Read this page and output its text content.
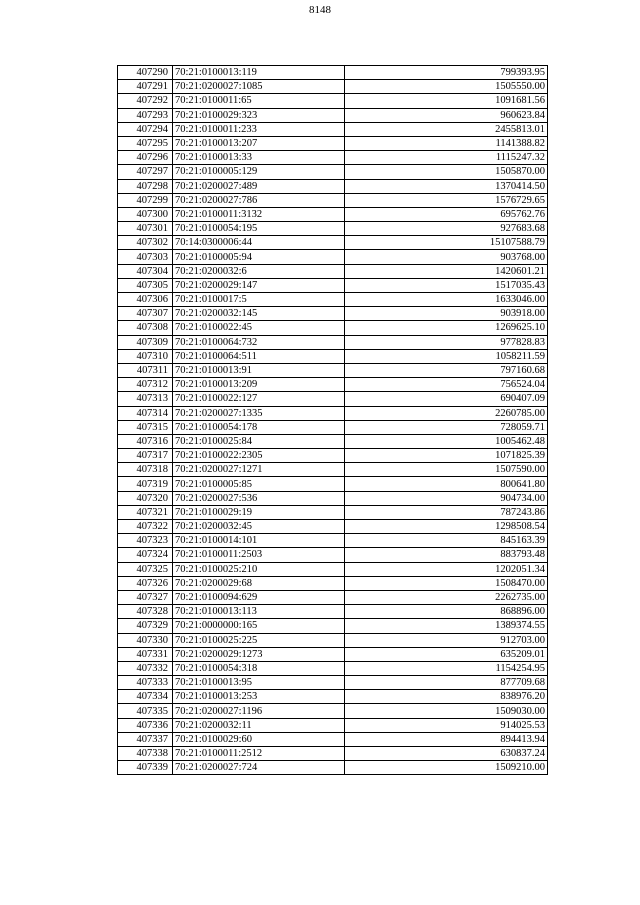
8148
407290	70:21:0100013:119	799393.95
407291	70:21:0200027:1085	1505550.00
407292	70:21:0100011:65	1091681.56
407293	70:21:0100029:323	960623.84
407294	70:21:0100011:233	2455813.01
407295	70:21:0100013:207	1141388.82
407296	70:21:0100013:33	1115247.32
407297	70:21:0100005:129	1505870.00
407298	70:21:0200027:489	1370414.50
407299	70:21:0200027:786	1576729.65
407300	70:21:0100011:3132	695762.76
407301	70:21:0100054:195	927683.68
407302	70:14:0300006:44	15107588.79
407303	70:21:0100005:94	903768.00
407304	70:21:0200032:6	1420601.21
407305	70:21:0200029:147	1517035.43
407306	70:21:0100017:5	1633046.00
407307	70:21:0200032:145	903918.00
407308	70:21:0100022:45	1269625.10
407309	70:21:0100064:732	977828.83
407310	70:21:0100064:511	1058211.59
407311	70:21:0100013:91	797160.68
407312	70:21:0100013:209	756524.04
407313	70:21:0100022:127	690407.09
407314	70:21:0200027:1335	2260785.00
407315	70:21:0100054:178	728059.71
407316	70:21:0100025:84	1005462.48
407317	70:21:0100022:2305	1071825.39
407318	70:21:0200027:1271	1507590.00
407319	70:21:0100005:85	800641.80
407320	70:21:0200027:536	904734.00
407321	70:21:0100029:19	787243.86
407322	70:21:0200032:45	1298508.54
407323	70:21:0100014:101	845163.39
407324	70:21:0100011:2503	883793.48
407325	70:21:0100025:210	1202051.34
407326	70:21:0200029:68	1508470.00
407327	70:21:0100094:629	2262735.00
407328	70:21:0100013:113	868896.00
407329	70:21:0000000:165	1389374.55
407330	70:21:0100025:225	912703.00
407331	70:21:0200029:1273	635209.01
407332	70:21:0100054:318	1154254.95
407333	70:21:0100013:95	877709.68
407334	70:21:0100013:253	838976.20
407335	70:21:0200027:1196	1509030.00
407336	70:21:0200032:11	914025.53
407337	70:21:0100029:60	894413.94
407338	70:21:0100011:2512	630837.24
407339	70:21:0200027:724	1509210.00
